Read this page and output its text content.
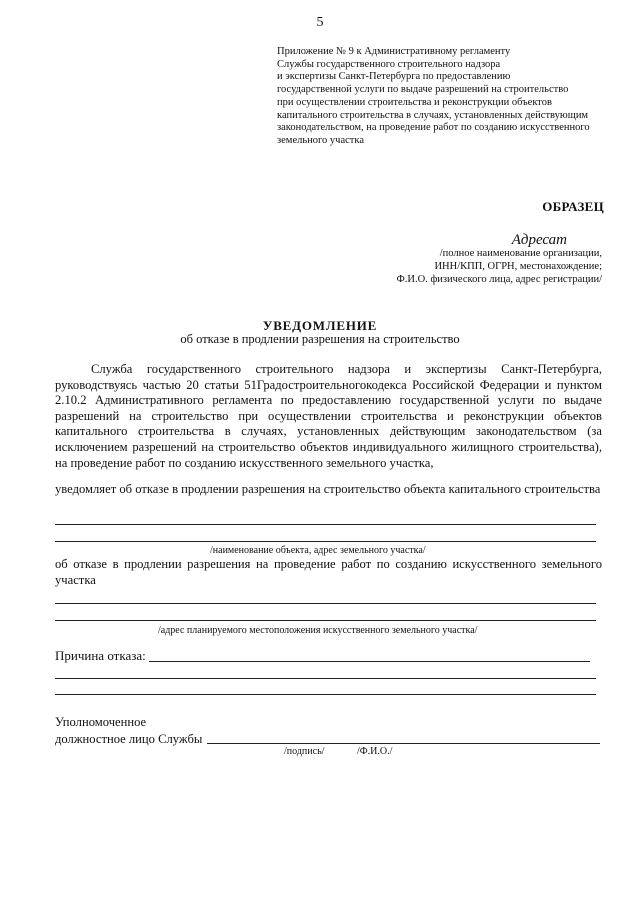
5
Приложение № 9 к Административному регламенту
Службы государственного строительного надзора
и экспертизы Санкт-Петербурга по предоставлению
государственной услуги по выдаче разрешений на строительство
при осуществлении строительства и реконструкции объектов
капитального строительства в случаях, установленных действующим
законодательством, на проведение работ по созданию искусственного
земельного участка
ОБРАЗЕЦ
Адресат
/полное наименование организации,
ИНН/КПП, ОГРН, местонахождение;
Ф.И.О. физического лица, адрес регистрации/
УВЕДОМЛЕНИЕ
об отказе в продлении разрешения на строительство
Служба государственного строительного надзора и экспертизы Санкт-Петербурга, руководствуясь частью 20 статьи 51Градостроительногокодекса Российской Федерации и пунктом 2.10.2 Административного регламента по предоставлению государственной услуги по выдаче разрешений на строительство при осуществлении строительства и реконструкции объектов капитального строительства в случаях, установленных действующим законодательством (за исключением разрешений на строительство объектов индивидуального жилищного строительства), на проведение работ по созданию искусственного земельного участка,
уведомляет об отказе в продлении разрешения на строительство объекта капитального строительства
/наименование объекта, адрес земельного участка/
об отказе в продлении разрешения на проведение работ по созданию искусственного земельного участка
/адрес планируемого местоположения искусственного земельного участка/
Причина отказа:
Уполномоченное
должностное лицо Службы
/подпись/	/Ф.И.О./
